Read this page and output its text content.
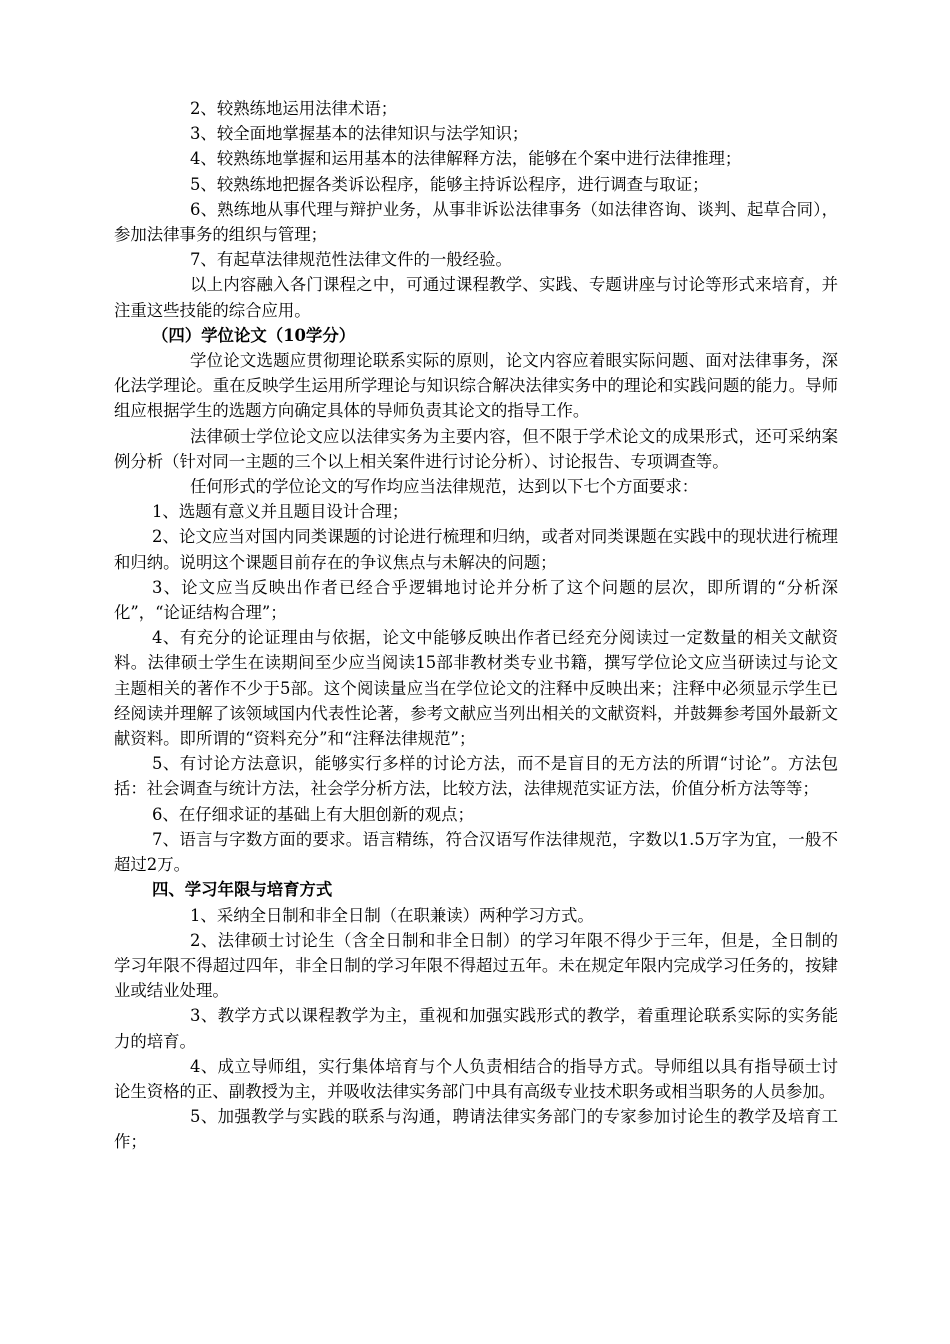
2、较熟练地运用法律术语；

3、较全面地掌握基本的法律知识与法学知识；

4、较熟练地掌握和运用基本的法律解释方法，能够在个案中进行法律推理；

5、较熟练地把握各类诉讼程序，能够主持诉讼程序，进行调查与取证；

6、熟练地从事代理与辩护业务，从事非诉讼法律事务（如法律咨询、谈判、起草合同），参加法律事务的组织与管理；

7、有起草法律规范性法律文件的一般经验。

以上内容融入各门课程之中，可通过课程教学、实践、专题讲座与讨论等形式来培育，并注重这些技能的综合应用。

（四）学位论文（10学分）

学位论文选题应贯彻理论联系实际的原则，论文内容应着眼实际问题、面对法律事务，深化法学理论。重在反映学生运用所学理论与知识综合解决法律实务中的理论和实践问题的能力。导师组应根据学生的选题方向确定具体的导师负责其论文的指导工作。

法律硕士学位论文应以法律实务为主要内容，但不限于学术论文的成果形式，还可采纳案例分析（针对同一主题的三个以上相关案件进行讨论分析）、讨论报告、专项调查等。

任何形式的学位论文的写作均应当法律规范，达到以下七个方面要求：

1、选题有意义并且题目设计合理；

2、论文应当对国内同类课题的讨论进行梳理和归纳，或者对同类课题在实践中的现状进行梳理和归纳。说明这个课题目前存在的争议焦点与未解决的问题；

3、论文应当反映出作者已经合乎逻辑地讨论并分析了这个问题的层次，即所谓的“分析深化”，“论证结构合理”；

4、有充分的论证理由与依据，论文中能够反映出作者已经充分阅读过一定数量的相关文献资料。法律硕士学生在读期间至少应当阅读15部非教材类专业书籍，撰写学位论文应当研读过与论文主题相关的著作不少于5部。这个阅读量应当在学位论文的注释中反映出来；注释中必须显示学生已经阅读并理解了该领域国内代表性论著，参考文献应当列出相关的文献资料，并鼓舞参考国外最新文献资料。即所谓的“资料充分”和“注释法律规范”；

5、有讨论方法意识，能够实行多样的讨论方法，而不是盲目的无方法的所谓“讨论”。方法包括：社会调查与统计方法，社会学分析方法，比较方法，法律规范实证方法，价值分析方法等等；

6、在仔细求证的基础上有大胆创新的观点；

7、语言与字数方面的要求。语言精练，符合汉语写作法律规范，字数以1.5万字为宜，一般不超过2万。

四、学习年限与培育方式

1、采纳全日制和非全日制（在职兼读）两种学习方式。

2、法律硕士讨论生（含全日制和非全日制）的学习年限不得少于三年，但是，全日制的学习年限不得超过四年，非全日制的学习年限不得超过五年。未在规定年限内完成学习任务的，按肄业或结业处理。

3、教学方式以课程教学为主，重视和加强实践形式的教学，着重理论联系实际的实务能力的培育。

4、成立导师组，实行集体培育与个人负责相结合的指导方式。导师组以具有指导硕士讨论生资格的正、副教授为主，并吸收法律实务部门中具有高级专业技术职务或相当职务的人员参加。

5、加强教学与实践的联系与沟通，聘请法律实务部门的专家参加讨论生的教学及培育工作；
